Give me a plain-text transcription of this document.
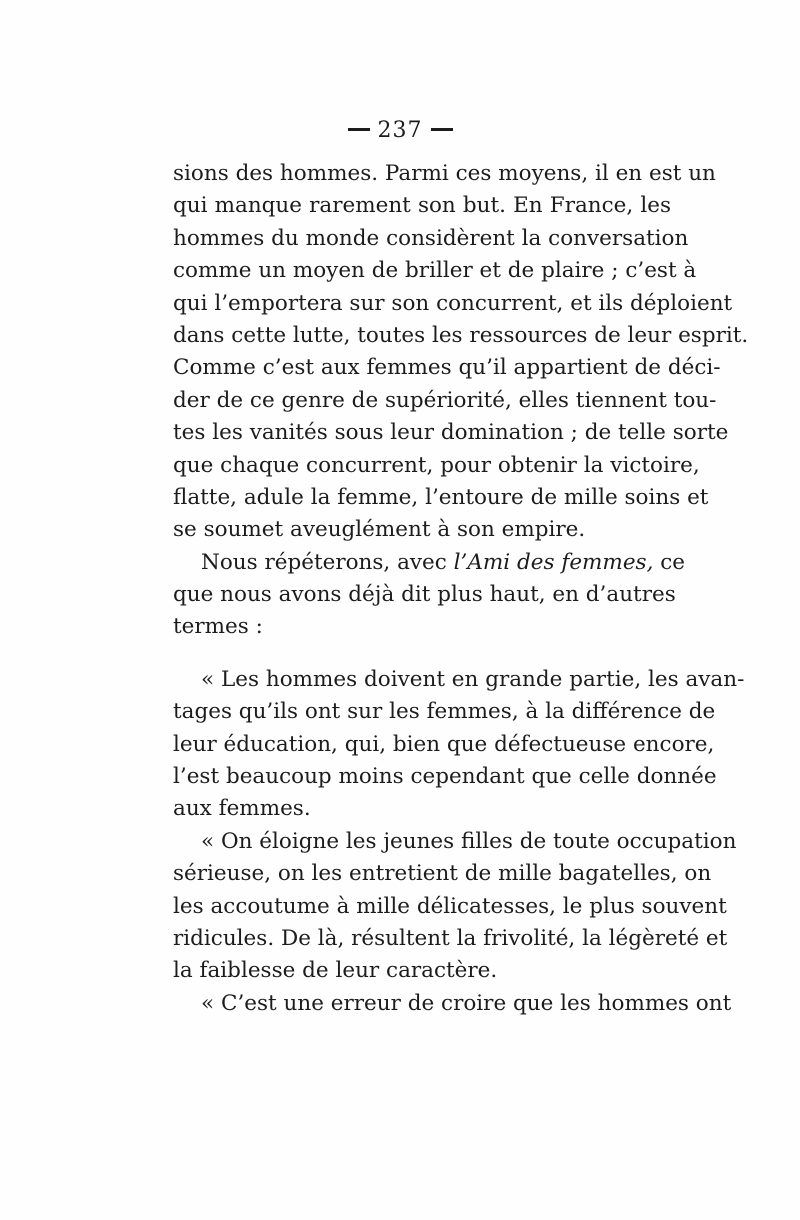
237
sions des hommes. Parmi ces moyens, il en est un
qui manque rarement son but. En France, les
hommes du monde considèrent la conversation
comme un moyen de briller et de plaire ; c’est à
qui l’emportera sur son concurrent, et ils déploient
dans cette lutte, toutes les ressources de leur esprit.
Comme c’est aux femmes qu’il appartient de déci-
der de ce genre de supériorité, elles tiennent tou-
tes les vanités sous leur domination ; de telle sorte
que chaque concurrent, pour obtenir la victoire,
flatte, adule la femme, l’entoure de mille soins et
se soumet aveuglément à son empire.
Nous répéterons, avec l’Ami des femmes, ce
que nous avons déjà dit plus haut, en d’autres
termes :
« Les hommes doivent en grande partie, les avan-
tages qu’ils ont sur les femmes, à la différence de
leur éducation, qui, bien que défectueuse encore,
l’est beaucoup moins cependant que celle donnée
aux femmes.
« On éloigne les jeunes filles de toute occupation
sérieuse, on les entretient de mille bagatelles, on
les accoutume à mille délicatesses, le plus souvent
ridicules. De là, résultent la frivolité, la légèreté et
la faiblesse de leur caractère.
« C’est une erreur de croire que les hommes ont
